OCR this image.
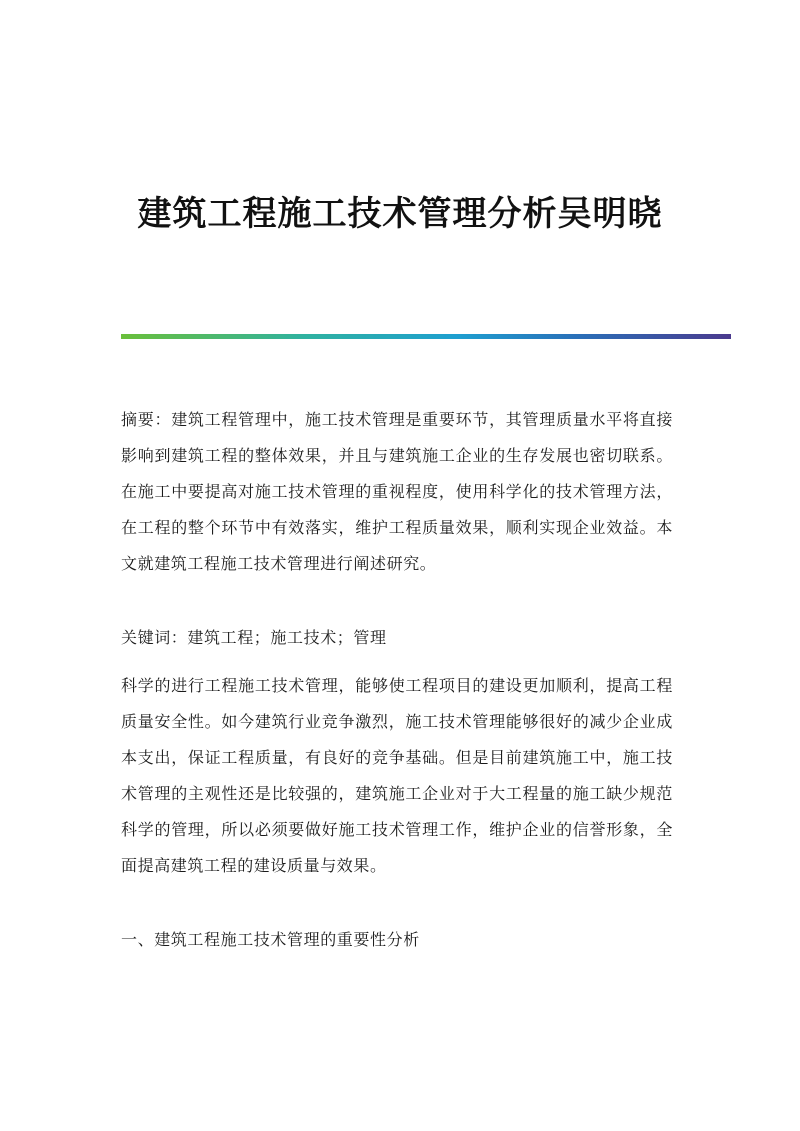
建筑工程施工技术管理分析吴明晓
摘要：建筑工程管理中，施工技术管理是重要环节，其管理质量水平将直接影响到建筑工程的整体效果，并且与建筑施工企业的生存发展也密切联系。在施工中要提高对施工技术管理的重视程度，使用科学化的技术管理方法，在工程的整个环节中有效落实，维护工程质量效果，顺利实现企业效益。本文就建筑工程施工技术管理进行阐述研究。
关键词：建筑工程；施工技术；管理
科学的进行工程施工技术管理，能够使工程项目的建设更加顺利，提高工程质量安全性。如今建筑行业竞争激烈，施工技术管理能够很好的减少企业成本支出，保证工程质量，有良好的竞争基础。但是目前建筑施工中，施工技术管理的主观性还是比较强的，建筑施工企业对于大工程量的施工缺少规范科学的管理，所以必须要做好施工技术管理工作，维护企业的信誉形象，全面提高建筑工程的建设质量与效果。
一、建筑工程施工技术管理的重要性分析
